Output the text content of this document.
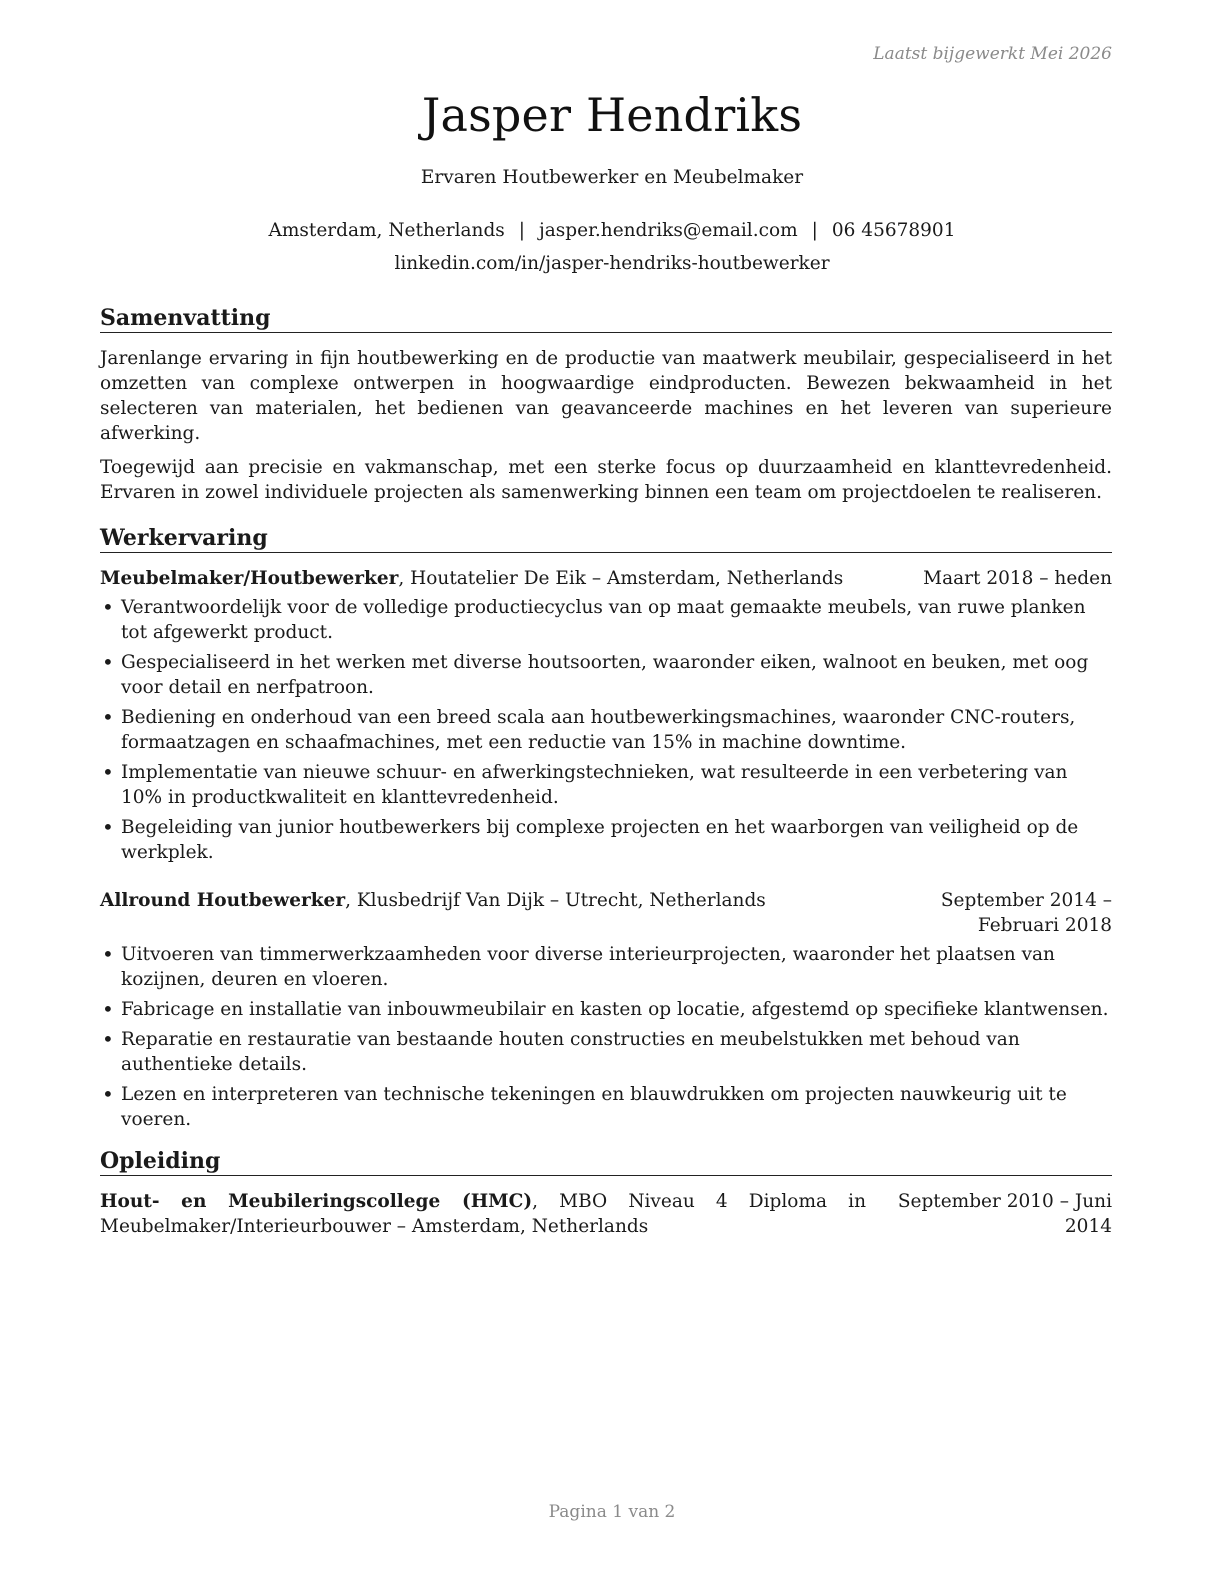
Laatst bijgewerkt Mei 2026
Jasper Hendriks
Ervaren Houtbewerker en Meubelmaker
Amsterdam, Netherlands | jasper.hendriks@email.com | 06 45678901
linkedin.com/in/jasper-hendriks-houtbewerker
Samenvatting

Jarenlange ervaring in fijn houtbewerking en de productie van maatwerk meubilair, gespecialiseerd in het omzetten van complexe ontwerpen in hoogwaardige eindproducten. Bewezen bekwaamheid in het selecteren van materialen, het bedienen van geavanceerde machines en het leveren van superieure afwerking.

Toegewijd aan precisie en vakmanschap, met een sterke focus op duurzaamheid en klanttevredenheid. Ervaren in zowel individuele projecten als samenwerking binnen een team om projectdoelen te realiseren.

Werkervaring
Meubelmaker/Houtbewerker, Houtatelier De Eik – Amsterdam, Netherlands	Maart 2018 – heden
• Verantwoordelijk voor de volledige productiecyclus van op maat gemaakte meubels, van ruwe planken tot afgewerkt product.
• Gespecialiseerd in het werken met diverse houtsoorten, waaronder eiken, walnoot en beuken, met oog voor detail en nerfpatroon.
• Bediening en onderhoud van een breed scala aan houtbewerkingsmachines, waaronder CNC-routers, formaatzagen en schaafmachines, met een reductie van 15% in machine downtime.
• Implementatie van nieuwe schuur- en afwerkingstechnieken, wat resulteerde in een verbetering van 10% in productkwaliteit en klanttevredenheid.
• Begeleiding van junior houtbewerkers bij complexe projecten en het waarborgen van veiligheid op de werkplek.
Allround Houtbewerker, Klusbedrijf Van Dijk – Utrecht, Netherlands	September 2014 – Februari 2018
• Uitvoeren van timmerwerkzaamheden voor diverse interieurprojecten, waaronder het plaatsen van kozijnen, deuren en vloeren.
• Fabricage en installatie van inbouwmeubilair en kasten op locatie, afgestemd op specifieke klantwensen.
• Reparatie en restauratie van bestaande houten constructies en meubelstukken met behoud van authentieke details.
• Lezen en interpreteren van technische tekeningen en blauwdrukken om projecten nauwkeurig uit te voeren.
Opleiding
Hout- en Meubileringscollege (HMC), MBO Niveau 4 Diploma in Meubelmaker/Interieurbouwer – Amsterdam, Netherlands
September 2010 – Juni 2014
Pagina 1 van 2
